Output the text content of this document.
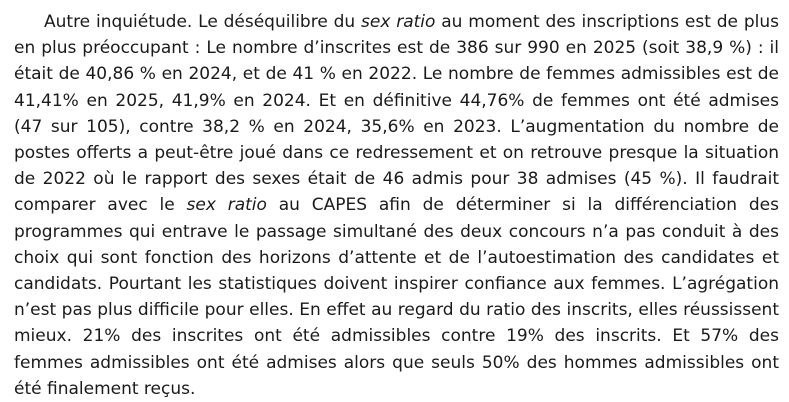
Autre inquiétude. Le déséquilibre du sex ratio au moment des inscriptions est de plus en plus préoccupant : Le nombre d’inscrites est de 386 sur 990 en 2025 (soit 38,9 %) : il était de 40,86 % en 2024, et de 41 % en 2022. Le nombre de femmes admissibles est de 41,41% en 2025, 41,9% en 2024. Et en définitive 44,76% de femmes ont été admises (47 sur 105), contre 38,2 % en 2024, 35,6% en 2023. L’augmentation du nombre de postes offerts a peut-être joué dans ce redressement et on retrouve presque la situation de 2022 où le rapport des sexes était de 46 admis pour 38 admises (45 %). Il faudrait comparer avec le sex ratio au CAPES afin de déterminer si la différenciation des programmes qui entrave le passage simultané des deux concours n’a pas conduit à des choix qui sont fonction des horizons d’attente et de l’autoestimation des candidates et candidats. Pourtant les statistiques doivent inspirer confiance aux femmes. L’agrégation n’est pas plus difficile pour elles. En effet au regard du ratio des inscrits, elles réussissent mieux. 21% des inscrites ont été admissibles contre 19% des inscrits. Et 57% des femmes admissibles ont été admises alors que seuls 50% des hommes admissibles ont été finalement reçus.
